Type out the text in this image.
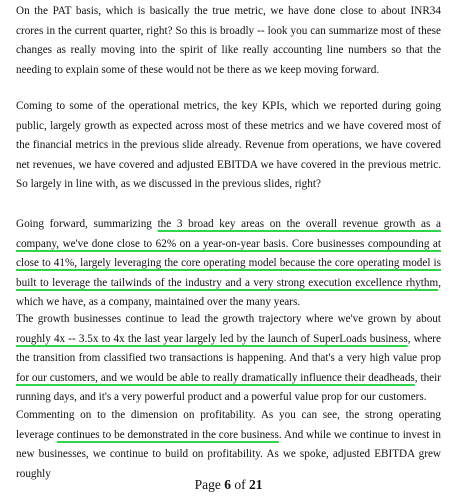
On the PAT basis, which is basically the true metric, we have done close to about INR34 crores in the current quarter, right? So this is broadly -- look you can summarize most of these changes as really moving into the spirit of like really accounting line numbers so that the needing to explain some of these would not be there as we keep moving forward.
Coming to some of the operational metrics, the key KPIs, which we reported during going public, largely growth as expected across most of these metrics and we have covered most of the financial metrics in the previous slide already. Revenue from operations, we have covered net revenues, we have covered and adjusted EBITDA we have covered in the previous metric. So largely in line with, as we discussed in the previous slides, right?
Going forward, summarizing the 3 broad key areas on the overall revenue growth as a company, we've done close to 62% on a year-on-year basis. Core businesses compounding at close to 41%, largely leveraging the core operating model because the core operating model is built to leverage the tailwinds of the industry and a very strong execution excellence rhythm, which we have, as a company, maintained over the many years.
The growth businesses continue to lead the growth trajectory where we've grown by about roughly 4x -- 3.5x to 4x the last year largely led by the launch of SuperLoads business, where the transition from classified two transactions is happening. And that's a very high value prop for our customers, and we would be able to really dramatically influence their deadheads, their running days, and it's a very powerful product and a powerful value prop for our customers.
Commenting on to the dimension on profitability. As you can see, the strong operating leverage continues to be demonstrated in the core business. And while we continue to invest in new businesses, we continue to build on profitability. As we spoke, adjusted EBITDA grew roughly
Page 6 of 21
